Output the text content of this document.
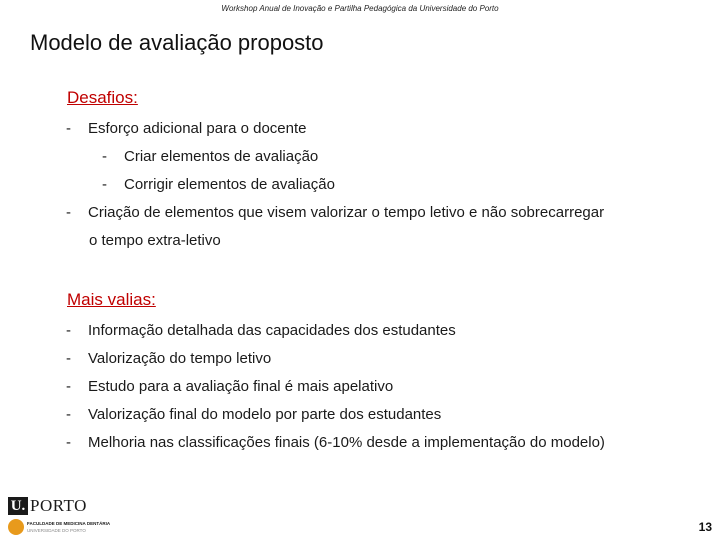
Workshop Anual de Inovação e Partilha Pedagógica da Universidade do Porto
Modelo de avaliação proposto
Desafios:
- Esforço adicional para o docente
- Criar elementos de avaliação
- Corrigir elementos de avaliação
- Criação de elementos que visem valorizar o tempo letivo e não sobrecarregar
o tempo extra-letivo
Mais valias:
- Informação detalhada das capacidades dos estudantes
- Valorização do tempo letivo
- Estudo para a avaliação final é mais apelativo
- Valorização final do modelo por parte dos estudantes
- Melhoria nas classificações finais (6-10% desde a implementação do modelo)
U. PORTO
FACULDADE DE MEDICINA DENTÁRIA
UNIVERSIDADE DO PORTO	13
